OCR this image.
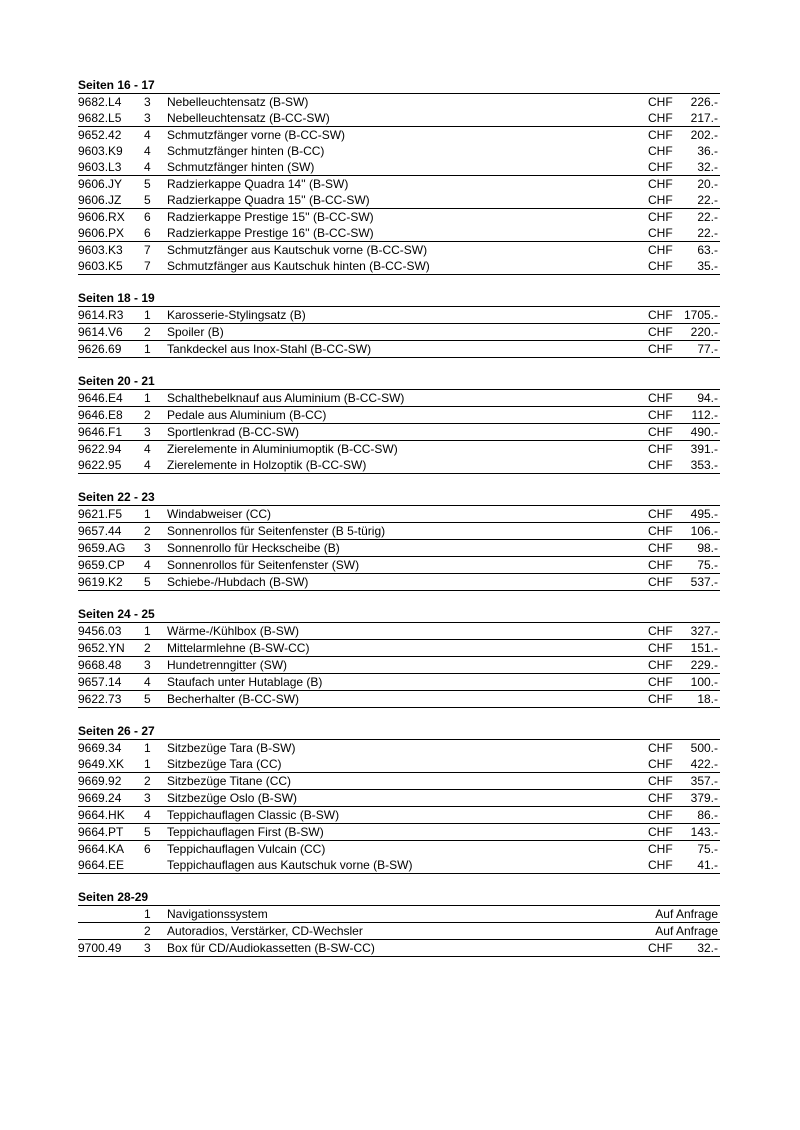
Seiten 16 - 17
9682.L4 3 Nebelleuchtensatz (B-SW)	CHF 226.-
9682.L5 3 Nebelleuchtensatz (B-CC-SW)	CHF 217.-
9652.42 4 Schmutzfänger vorne (B-CC-SW)	CHF 202.-
9603.K9 4 Schmutzfänger hinten (B-CC)	CHF 36.-
9603.L3 4 Schmutzfänger hinten (SW)	CHF 32.-
9606.JY 5 Radzierkappe Quadra 14'' (B-SW)	CHF 20.-
9606.JZ 5 Radzierkappe Quadra 15'' (B-CC-SW)	CHF 22.-
9606.RX 6 Radzierkappe Prestige 15'' (B-CC-SW)	CHF 22.-
9606.PX 6 Radzierkappe Prestige 16'' (B-CC-SW)	CHF 22.-
9603.K3 7 Schmutzfänger aus Kautschuk vorne (B-CC-SW)	CHF 63.-
9603.K5 7 Schmutzfänger aus Kautschuk hinten (B-CC-SW)	CHF 35.-
Seiten 18 - 19
9614.R3 1 Karosserie-Stylingsatz (B)	CHF 1705.-
9614.V6 2 Spoiler (B)	CHF 220.-
9626.69 1 Tankdeckel aus Inox-Stahl (B-CC-SW)	CHF 77.-
Seiten 20 - 21
9646.E4 1 Schalthebelknauf aus Aluminium (B-CC-SW)	CHF 94.-
9646.E8 2 Pedale aus Aluminium (B-CC)	CHF 112.-
9646.F1 3 Sportlenkrad (B-CC-SW)	CHF 490.-
9622.94 4 Zierelemente in Aluminiumoptik (B-CC-SW)	CHF 391.-
9622.95 4 Zierelemente in Holzoptik (B-CC-SW)	CHF 353.-
Seiten 22 - 23
9621.F5 1 Windabweiser (CC)	CHF 495.-
9657.44 2 Sonnenrollos für Seitenfenster (B 5-türig)	CHF 106.-
9659.AG 3 Sonnenrollo für Heckscheibe (B)	CHF 98.-
9659.CP 4 Sonnenrollos für Seitenfenster (SW)	CHF 75.-
9619.K2 5 Schiebe-/Hubdach (B-SW)	CHF 537.-
Seiten 24 - 25
9456.03 1 Wärme-/Kühlbox (B-SW)	CHF 327.-
9652.YN 2 Mittelarmlehne (B-SW-CC)	CHF 151.-
9668.48 3 Hundetrenngitter (SW)	CHF 229.-
9657.14 4 Staufach unter Hutablage (B)	CHF 100.-
9622.73 5 Becherhalter (B-CC-SW)	CHF 18.-
Seiten 26 - 27
9669.34 1 Sitzbezüge Tara (B-SW)	CHF 500.-
9649.XK 1 Sitzbezüge Tara (CC)	CHF 422.-
9669.92 2 Sitzbezüge Titane (CC)	CHF 357.-
9669.24 3 Sitzbezüge Oslo (B-SW)	CHF 379.-
9664.HK 4 Teppichauflagen Classic (B-SW)	CHF 86.-
9664.PT 5 Teppichauflagen First (B-SW)	CHF 143.-
9664.KA 6 Teppichauflagen Vulcain (CC)	CHF 75.-
9664.EE	Teppichauflagen aus Kautschuk vorne (B-SW)	CHF 41.-
Seiten 28-29
1 Navigationssystem	Auf Anfrage
2 Autoradios, Verstärker, CD-Wechsler	Auf Anfrage
9700.49 3 Box für CD/Audiokassetten (B-SW-CC)	CHF 32.-
